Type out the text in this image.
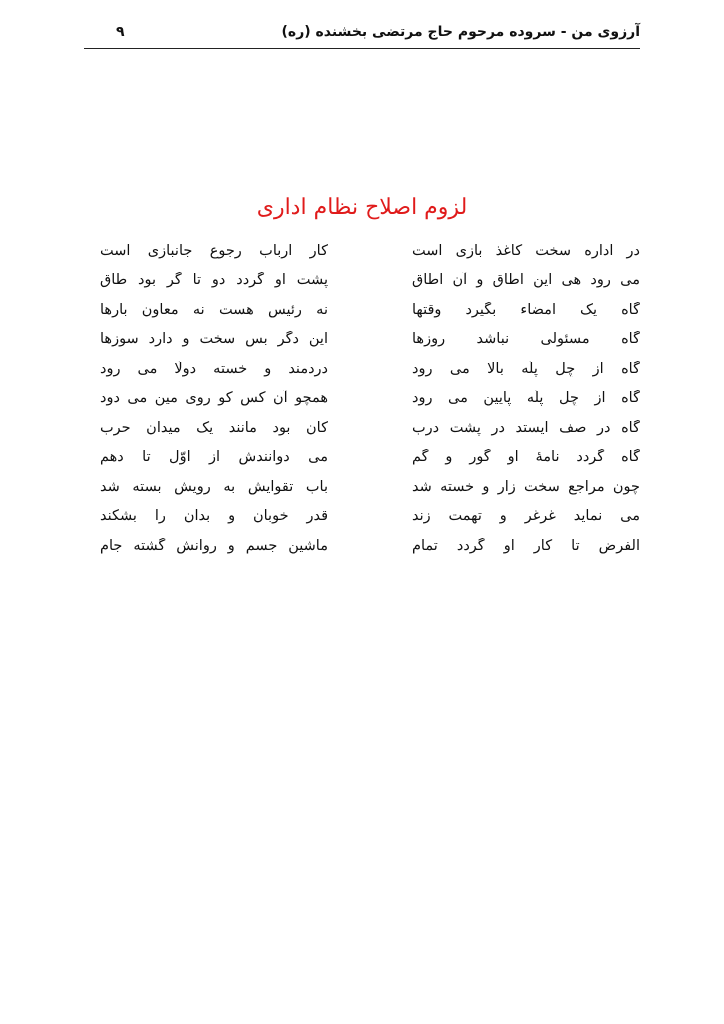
آرزوی من - سروده مرحوم حاج مرتضی بخشنده (ره)
۹
لزوم اصلاح نظام اداری
در اداره سخت کاغذ بازی است
کار ارباب رجوع جانبازی است
می رود هی این اطاق و آن اطاق
پشت او گردد دو تا گر بود طاق
گاه یک امضاء بگیرد وقتها
نه رئیس هست نه معاون بارها
گاه مسئولی نباشد روزها
این دگر بس سخت و دارد سوزها
گاه از چِل پلّه بالا می رود
دردمند و خسته دولّا می رود
گاه از چِل پلّه پایین می رود
همچو آن کس کو روی مین می دود
گاه در صف ایستد در پشت درب
کان بود مانند یک میدان حرب
گاه گردد نامهٔ او گور و گم
می دوانندش از اوّل تا دهم
چون مراجع سخت زار و خسته شد
باب تقوایش به رویش بسته شد
می نماید غرغر و تهمت زند
قدر خوبان و بدان را بشکند
الفرض تا کار او گردد تمام
ماشین جسم و روانش گشته جام
